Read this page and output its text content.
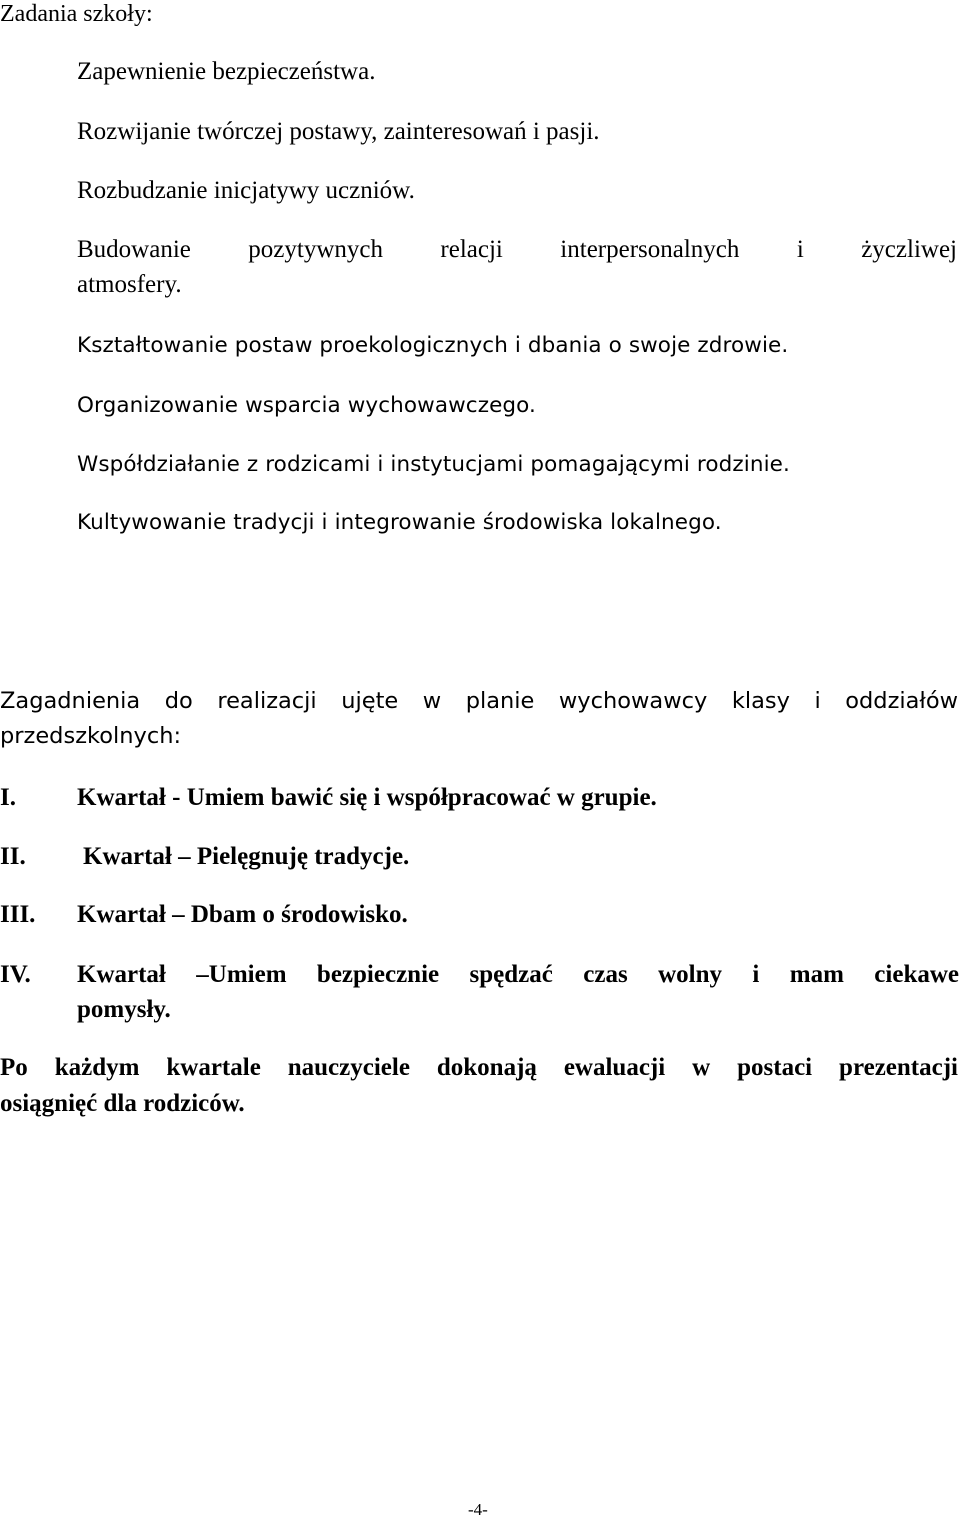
Zadania szkoły:

Zapewnienie bezpieczeństwa.

Rozwijanie twórczej postawy, zainteresowań i pasji.

Rozbudzanie inicjatywy uczniów.

Budowanie pozytywnych relacji interpersonalnych i życzliwej

atmosfery.

Kształtowanie postaw proekologicznych i dbania o swoje zdrowie.

Organizowanie wsparcia wychowawczego.

Współdziałanie z rodzicami i instytucjami pomagającymi rodzinie.

Kultywowanie tradycji i integrowanie środowiska lokalnego.

Zagadnienia do realizacji ujęte w planie wychowawcy klasy i oddziałów

przedszkolnych:

I. Kwartał - Umiem bawić się i współpracować w grupie.

II. Kwartał – Pielęgnuję tradycje.

III. Kwartał – Dbam o środowisko.

IV. Kwartał –Umiem bezpiecznie spędzać czas wolny i mam ciekawe

pomysły.

Po każdym kwartale nauczyciele dokonają ewaluacji w postaci prezentacji

osiągnięć dla rodziców.

-4-
